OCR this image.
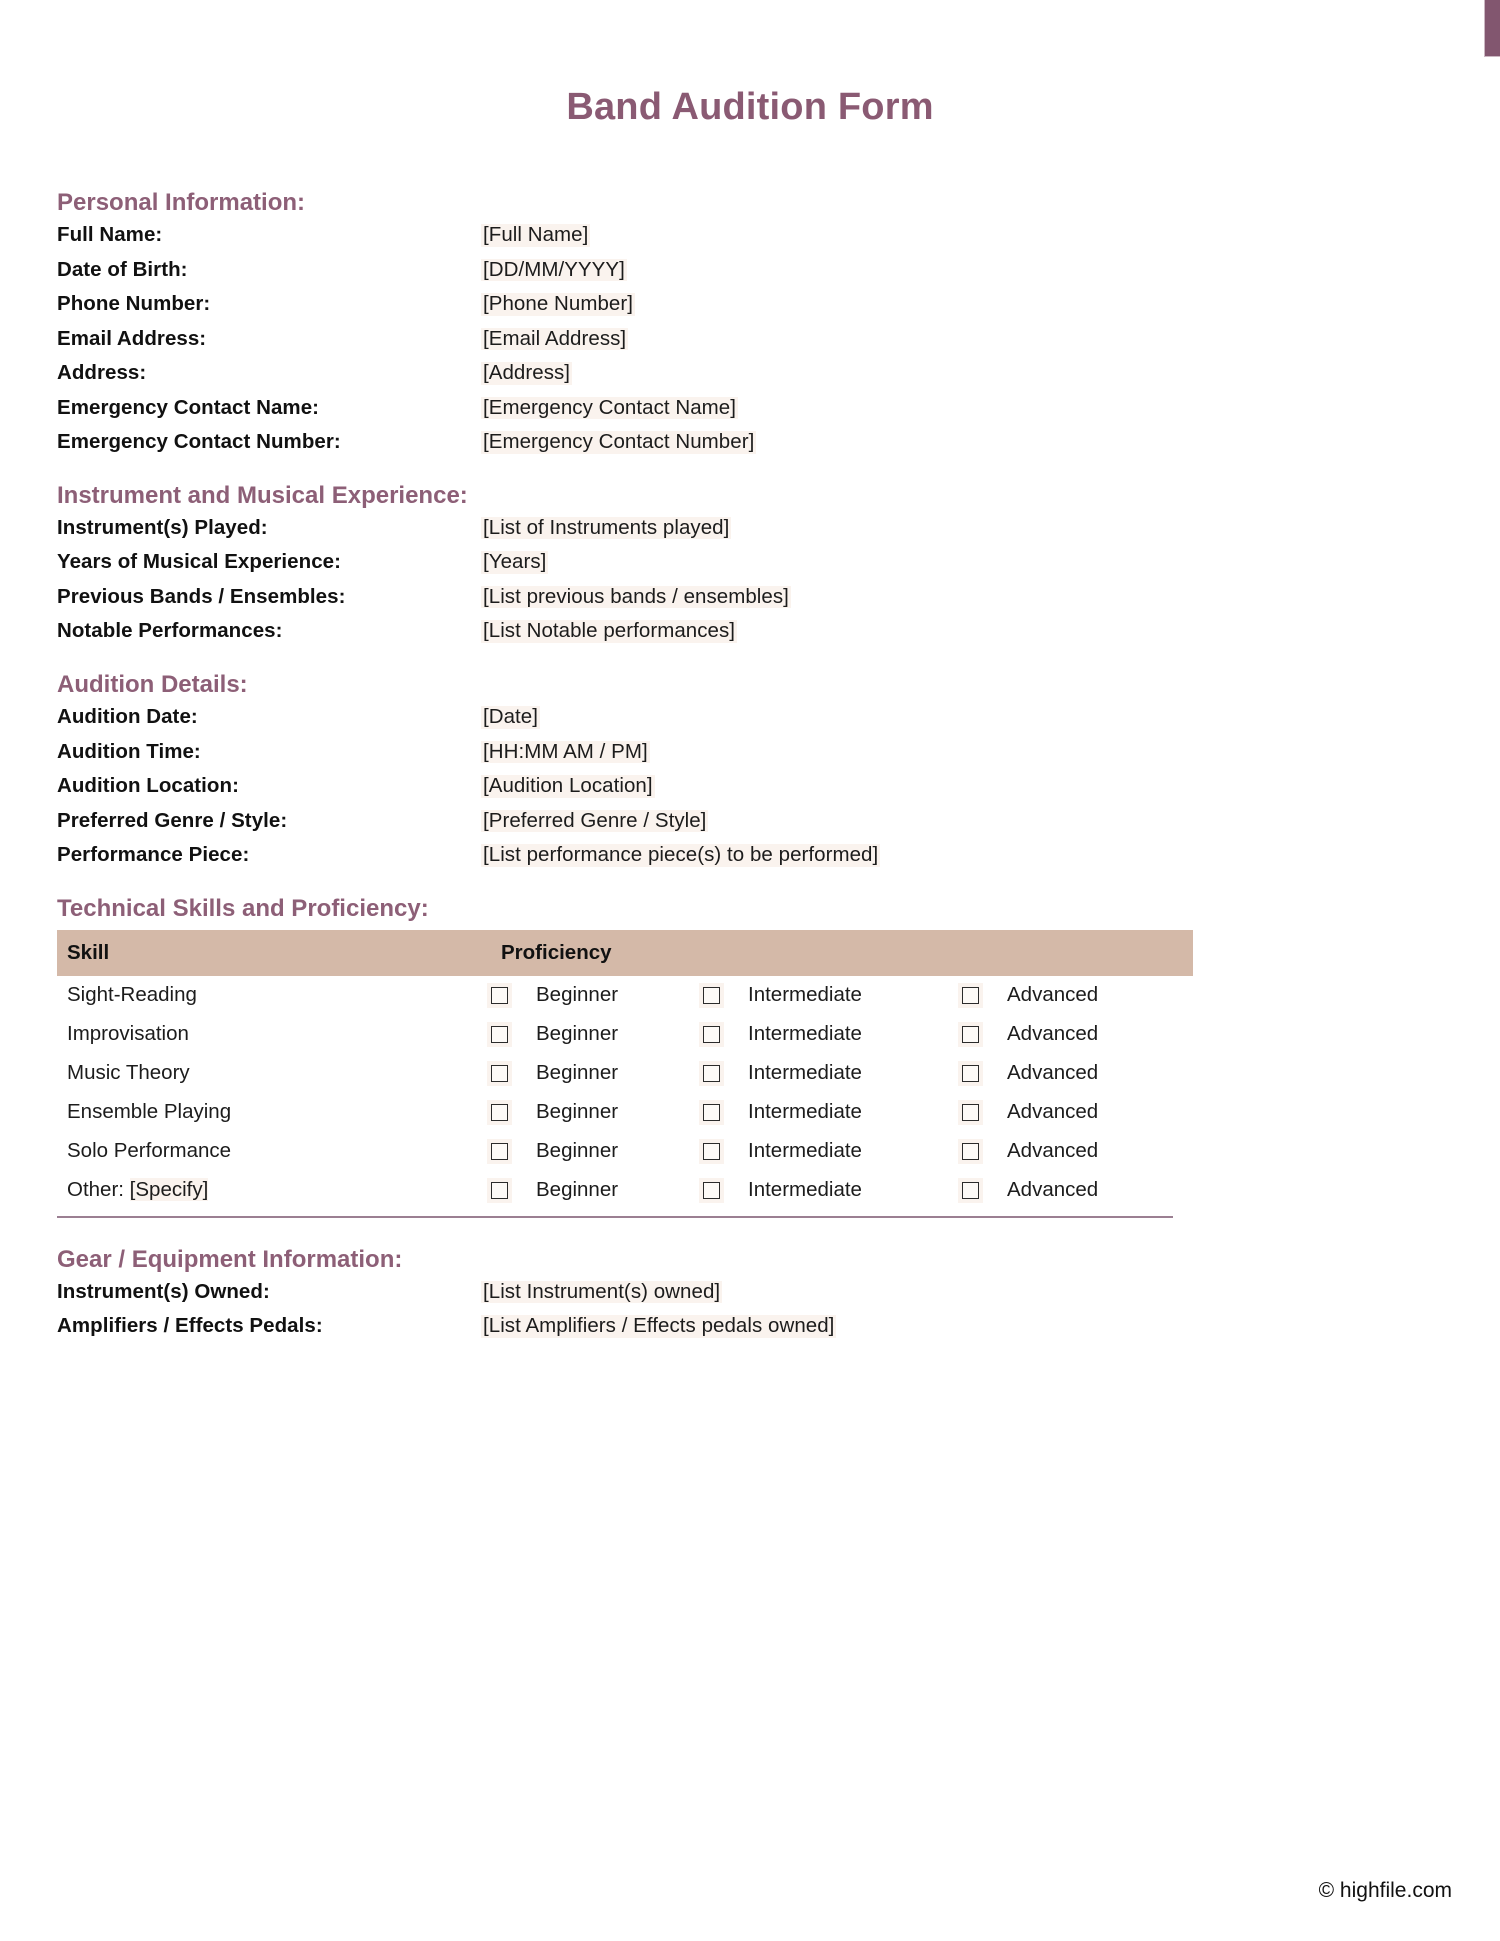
Band Audition Form
Personal Information:
Full Name:	[Full Name]
Date of Birth:	[DD/MM/YYYY]
Phone Number:	[Phone Number]
Email Address:	[Email Address]
Address:	[Address]
Emergency Contact Name:	[Emergency Contact Name]
Emergency Contact Number:	[Emergency Contact Number]
Instrument and Musical Experience:
Instrument(s) Played:	[List of Instruments played]
Years of Musical Experience:	[Years]
Previous Bands / Ensembles:	[List previous bands / ensembles]
Notable Performances:	[List Notable performances]
Audition Details:
Audition Date:	[Date]
Audition Time:	[HH:MM AM / PM]
Audition Location:	[Audition Location]
Preferred Genre / Style:	[Preferred Genre / Style]
Performance Piece:	[List performance piece(s) to be performed]
Technical Skills and Proficiency:
Skill	Proficiency

Sight-Reading	Beginner Intermediate Advanced

Improvisation	Beginner Intermediate Advanced

Music Theory	Beginner Intermediate Advanced

Ensemble Playing	Beginner Intermediate Advanced

Solo Performance	Beginner Intermediate Advanced

Other: [Specify]	Beginner Intermediate Advanced
Gear / Equipment Information:
Instrument(s) Owned:	[List Instrument(s) owned]
Amplifiers / Effects Pedals:	[List Amplifiers / Effects pedals owned]
© highfile.com
